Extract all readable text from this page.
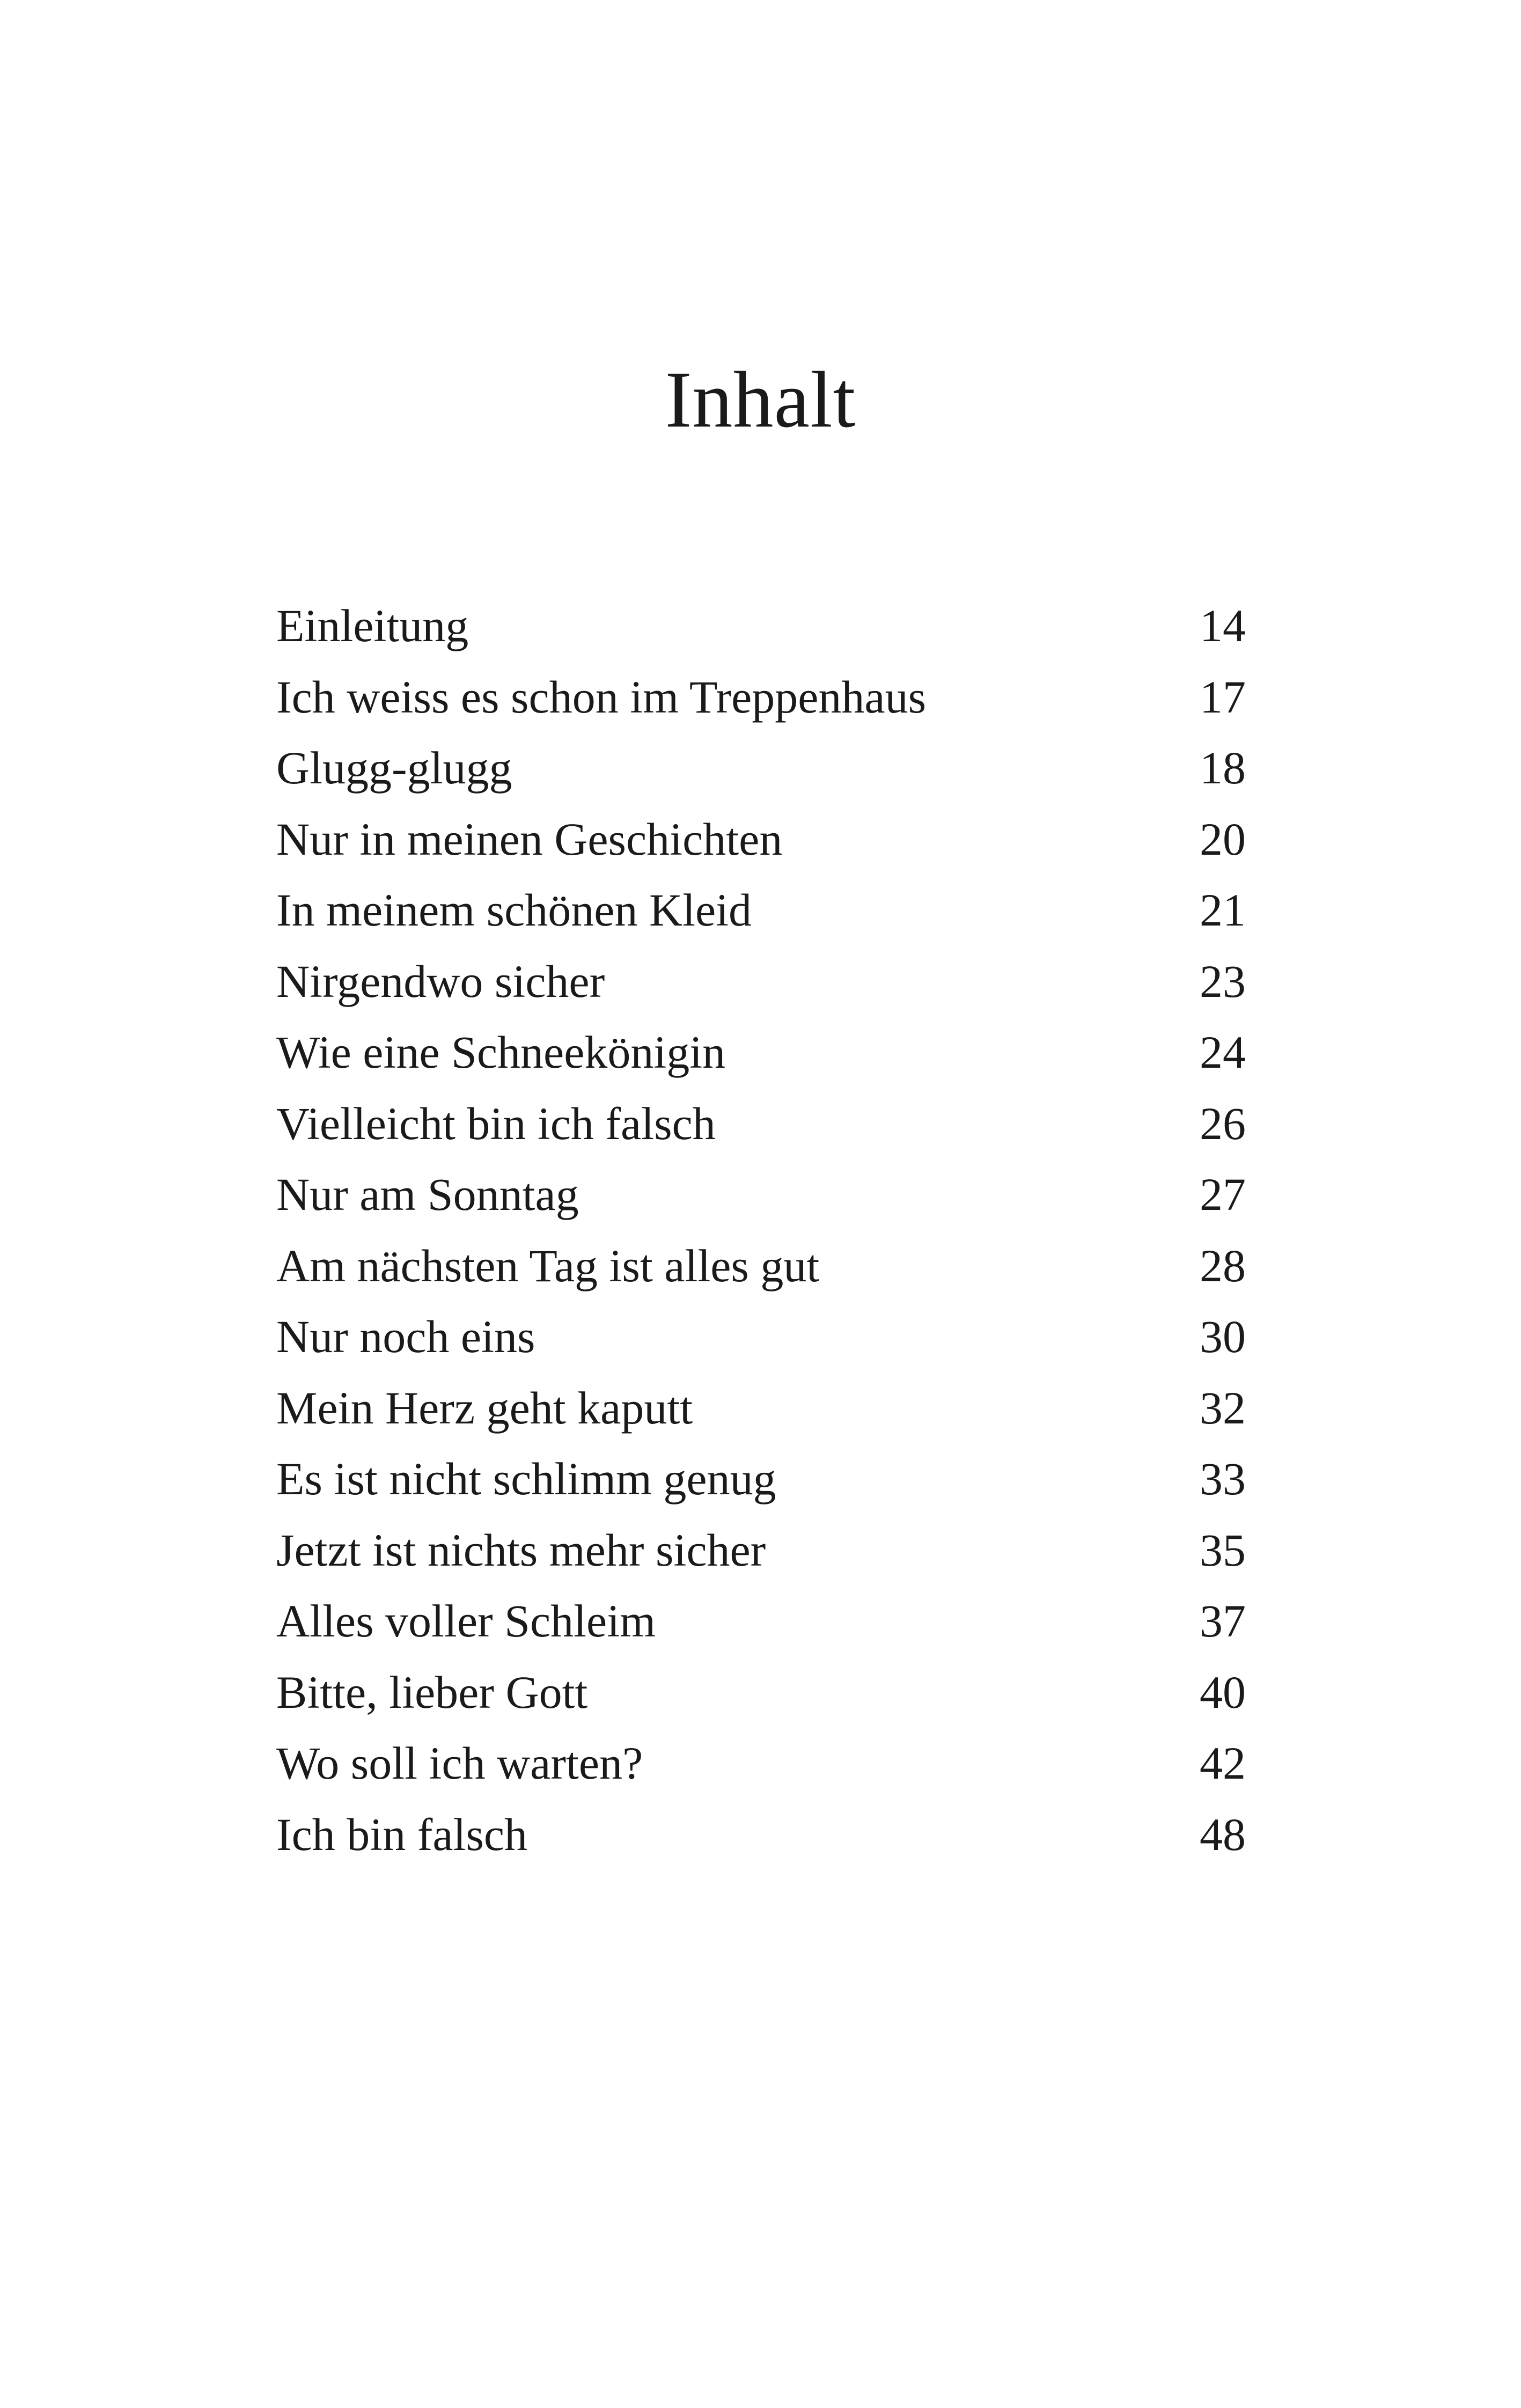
Inhalt
Einleitung	14
Ich weiss es schon im Treppenhaus	17
Glugg-glugg	18
Nur in meinen Geschichten	20
In meinem schönen Kleid	21
Nirgendwo sicher	23
Wie eine Schneekönigin	24
Vielleicht bin ich falsch	26
Nur am Sonntag	27
Am nächsten Tag ist alles gut	28
Nur noch eins	30
Mein Herz geht kaputt	32
Es ist nicht schlimm genug	33
Jetzt ist nichts mehr sicher	35
Alles voller Schleim	37
Bitte, lieber Gott	40
Wo soll ich warten?	42
Ich bin falsch	48
